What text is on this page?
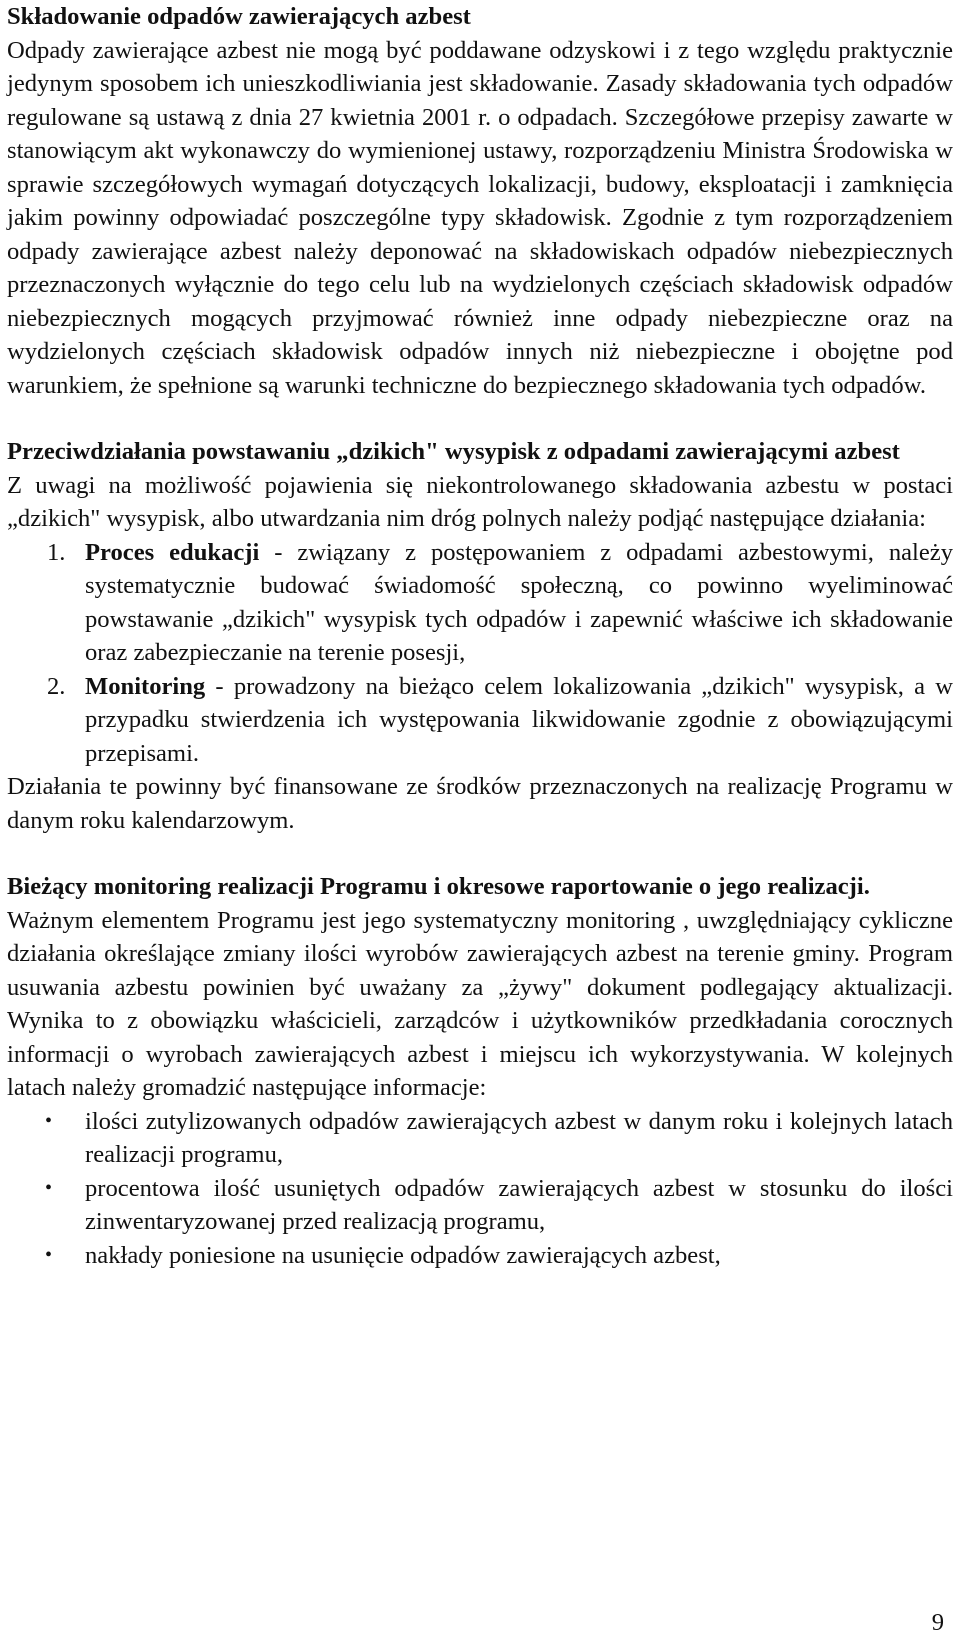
Składowanie odpadów zawierających azbest

Odpady zawierające azbest nie mogą być poddawane odzyskowi i z tego względu praktycznie jedynym sposobem ich unieszkodliwiania jest składowanie. Zasady składowania tych odpadów regulowane są ustawą z dnia 27 kwietnia 2001 r. o odpadach. Szczegółowe przepisy zawarte w stanowiącym akt wykonawczy do wymienionej ustawy, rozporządzeniu Ministra Środowiska w sprawie szczegółowych wymagań dotyczących lokalizacji, budowy, eksploatacji i zamknięcia jakim powinny odpowiadać poszczególne typy składowisk. Zgodnie z tym rozporządzeniem odpady zawierające azbest należy deponować na składowiskach odpadów niebezpiecznych przeznaczonych wyłącznie do tego celu lub na wydzielonych częściach składowisk odpadów niebezpiecznych mogących przyjmować również inne odpady niebezpieczne oraz na wydzielonych częściach składowisk odpadów innych niż niebezpieczne i obojętne pod warunkiem, że spełnione są warunki techniczne do bezpiecznego składowania tych odpadów.

Przeciwdziałania powstawaniu „dzikich" wysypisk z odpadami zawierającymi azbest

Z uwagi na możliwość pojawienia się niekontrolowanego składowania azbestu w postaci „dzikich" wysypisk, albo utwardzania nim dróg polnych należy podjąć następujące działania:

1. Proces edukacji - związany z postępowaniem z odpadami azbestowymi, należy systematycznie budować świadomość społeczną, co powinno wyeliminować powstawanie „dzikich" wysypisk tych odpadów i zapewnić właściwe ich składowanie oraz zabezpieczanie na terenie posesji,
2. Monitoring - prowadzony na bieżąco celem lokalizowania „dzikich" wysypisk, a w przypadku stwierdzenia ich występowania likwidowanie zgodnie z obowiązującymi przepisami.

Działania te powinny być finansowane ze środków przeznaczonych na realizację Programu w danym roku kalendarzowym.

Bieżący monitoring realizacji Programu i okresowe raportowanie o jego realizacji.

Ważnym elementem Programu jest jego systematyczny monitoring , uwzględniający cykliczne działania określające zmiany ilości wyrobów zawierających azbest na terenie gminy. Program usuwania azbestu powinien być uważany za „żywy" dokument podlegający aktualizacji. Wynika to z obowiązku właścicieli, zarządców i użytkowników przedkładania corocznych informacji o wyrobach zawierających azbest i miejscu ich wykorzystywania. W kolejnych latach należy gromadzić następujące informacje:

• ilości zutylizowanych odpadów zawierających azbest w danym roku i kolejnych latach realizacji programu,
• procentowa ilość usuniętych odpadów zawierających azbest w stosunku do ilości zinwentaryzowanej przed realizacją programu,
• nakłady poniesione na usunięcie odpadów zawierających azbest,
9
